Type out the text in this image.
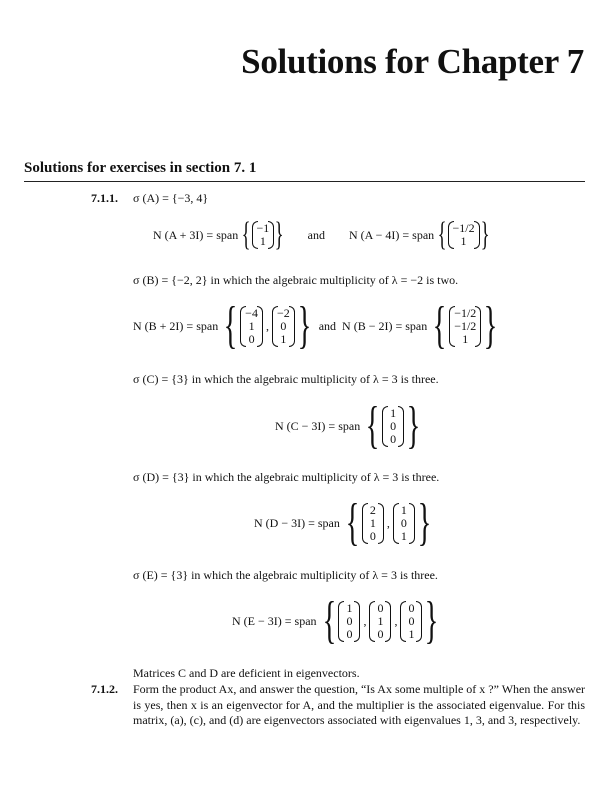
Solutions for Chapter 7
Solutions for exercises in section 7. 1
7.1.1. σ (A) = {−3, 4}
N (A + 3I) = span { −1
1 } and N (A − 4I) = span { −1/2
1 }
σ (B) = {−2, 2} in which the algebraic multiplicity of λ = −2 is two.
N (B + 2I) = span { −4
1
0
,
−2
0
1 } and N (B − 2I) = span { −1/2
−1/2
1 }
σ (C) = {3} in which the algebraic multiplicity of λ = 3 is three.
N (C − 3I) = span { 1
0
0 }
σ (D) = {3} in which the algebraic multiplicity of λ = 3 is three.
N (D − 3I) = span { 2
1
0
,
1
0
1 }
σ (E) = {3} in which the algebraic multiplicity of λ = 3 is three.
N (E − 3I) = span { 1
0
0
,
0
1
0
,
0
0
1 }
Matrices C and D are deficient in eigenvectors.
7.1.2. Form the product Ax, and answer the question, “Is Ax some multiple of x ?” When the answer is yes, then x is an eigenvector for A, and the multiplier is the associated eigenvalue. For this matrix, (a), (c), and (d) are eigenvectors associated with eigenvalues 1, 3, and 3, respectively.
